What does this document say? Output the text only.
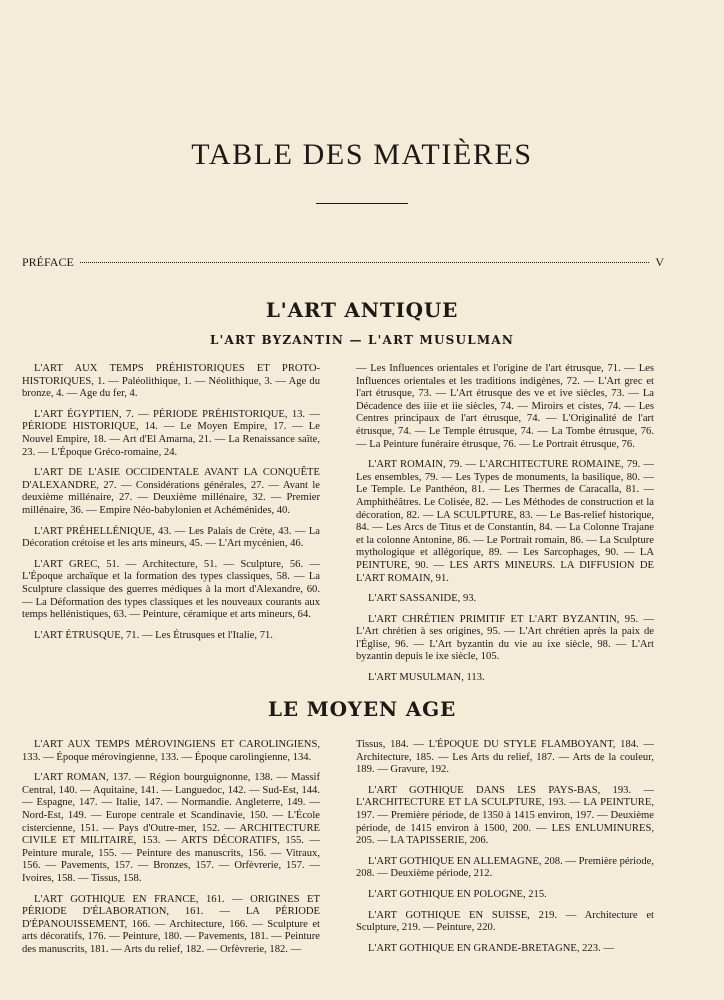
TABLE DES MATIÈRES
PRÉFACE	V
L'ART ANTIQUE
L'ART BYZANTIN — L'ART MUSULMAN

L'ART AUX TEMPS PRÉHISTORIQUES ET PROTO-HISTORIQUES, 1. — Paléolithique, 1. — Néolithique, 3. — Age du bronze, 4. — Age du fer, 4.

L'ART ÉGYPTIEN, 7. — PÉRIODE PRÉHISTORIQUE, 13. — PÉRIODE HISTORIQUE, 14. — Le Moyen Empire, 17. — Le Nouvel Empire, 18. — Art d'El Amarna, 21. — La Renaissance saïte, 23. — L'Époque Gréco-romaine, 24.

L'ART DE L'ASIE OCCIDENTALE AVANT LA CONQUÊTE D'ALEXANDRE, 27. — Considérations générales, 27. — Avant le deuxième millénaire, 27. — Deuxième millénaire, 32. — Premier millénaire, 36. — Empire Néo-babylonien et Achéménides, 40.

L'ART PRÉHELLÉNIQUE, 43. — Les Palais de Crète, 43. — La Décoration crétoise et les arts mineurs, 45. — L'Art mycénien, 46.

L'ART GREC, 51. — Architecture, 51. — Sculpture, 56. — L'Époque archaïque et la formation des types classiques, 58. — La Sculpture classique des guerres médiques à la mort d'Alexandre, 60. — La Déformation des types classiques et les nouveaux courants aux temps hellénistiques, 63. — Peinture, céramique et arts mineurs, 64.

L'ART ÉTRUSQUE, 71. — Les Étrusques et l'Italie, 71.

— Les Influences orientales et l'origine de l'art étrusque, 71. — Les Influences orientales et les traditions indigènes, 72. — L'Art grec et l'art étrusque, 73. — L'Art étrusque des ve et ive siècles, 73. — La Décadence des iiie et iie siècles, 74. — Miroirs et cistes, 74. — Les Centres principaux de l'art étrusque, 74. — L'Originalité de l'art étrusque, 74. — Le Temple étrusque, 74. — La Tombe étrusque, 76. — La Peinture funéraire étrusque, 76. — Le Portrait étrusque, 76.

L'ART ROMAIN, 79. — L'ARCHITECTURE ROMAINE, 79. — Les ensembles, 79. — Les Types de monuments, la basilique, 80. — Le Temple. Le Panthéon, 81. — Les Thermes de Caracalla, 81. — Amphithéâtres. Le Colisée, 82. — Les Méthodes de construction et la décoration, 82. — LA SCULPTURE, 83. — Le Bas-relief historique, 84. — Les Arcs de Titus et de Constantin, 84. — La Colonne Trajane et la colonne Antonine, 86. — Le Portrait romain, 86. — La Sculpture mythologique et allégorique, 89. — Les Sarcophages, 90. — LA PEINTURE, 90. — LES ARTS MINEURS. LA DIFFUSION DE L'ART ROMAIN, 91.

L'ART SASSANIDE, 93.

L'ART CHRÉTIEN PRIMITIF ET L'ART BYZANTIN, 95. — L'Art chrétien à ses origines, 95. — L'Art chrétien après la paix de l'Église, 96. — L'Art byzantin du vie au ixe siècle, 98. — L'Art byzantin depuis le ixe siècle, 105.

L'ART MUSULMAN, 113.

LE MOYEN AGE

L'ART AUX TEMPS MÉROVINGIENS ET CAROLINGIENS, 133. — Époque mérovingienne, 133. — Époque carolingienne, 134.

L'ART ROMAN, 137. — Région bourguignonne, 138. — Massif Central, 140. — Aquitaine, 141. — Languedoc, 142. — Sud-Est, 144. — Espagne, 147. — Italie, 147. — Normandie. Angleterre, 149. — Nord-Est, 149. — Europe centrale et Scandinavie, 150. — L'École cistercienne, 151. — Pays d'Outre-mer, 152. — ARCHITECTURE CIVILE ET MILITAIRE, 153. — ARTS DÉCORATIFS, 155. — Peinture murale, 155. — Peinture des manuscrits, 156. — Vitraux, 156. — Pavements, 157. — Bronzes, 157. — Orfèvrerie, 157. — Ivoires, 158. — Tissus, 158.

L'ART GOTHIQUE EN FRANCE, 161. — ORIGINES ET PÉRIODE D'ÉLABORATION, 161. — LA PÉRIODE D'ÉPANOUISSEMENT, 166. — Architecture, 166. — Sculpture et arts décoratifs, 176. — Peinture, 180. — Pavements, 181. — Peinture des manuscrits, 181. — Arts du relief, 182. — Orfèvrerie, 182. —

Tissus, 184. — L'ÉPOQUE DU STYLE FLAMBOYANT, 184. — Architecture, 185. — Les Arts du relief, 187. — Arts de la couleur, 189. — Gravure, 192.

L'ART GOTHIQUE DANS LES PAYS-BAS, 193. — L'ARCHITECTURE ET LA SCULPTURE, 193. — LA PEINTURE, 197. — Première période, de 1350 à 1415 environ, 197. — Deuxième période, de 1415 environ à 1500, 200. — LES ENLUMINURES, 205. — LA TAPISSERIE, 206.

L'ART GOTHIQUE EN ALLEMAGNE, 208. — Première période, 208. — Deuxième période, 212.

L'ART GOTHIQUE EN POLOGNE, 215.

L'ART GOTHIQUE EN SUISSE, 219. — Architecture et Sculpture, 219. — Peinture, 220.

L'ART GOTHIQUE EN GRANDE-BRETAGNE, 223. —
